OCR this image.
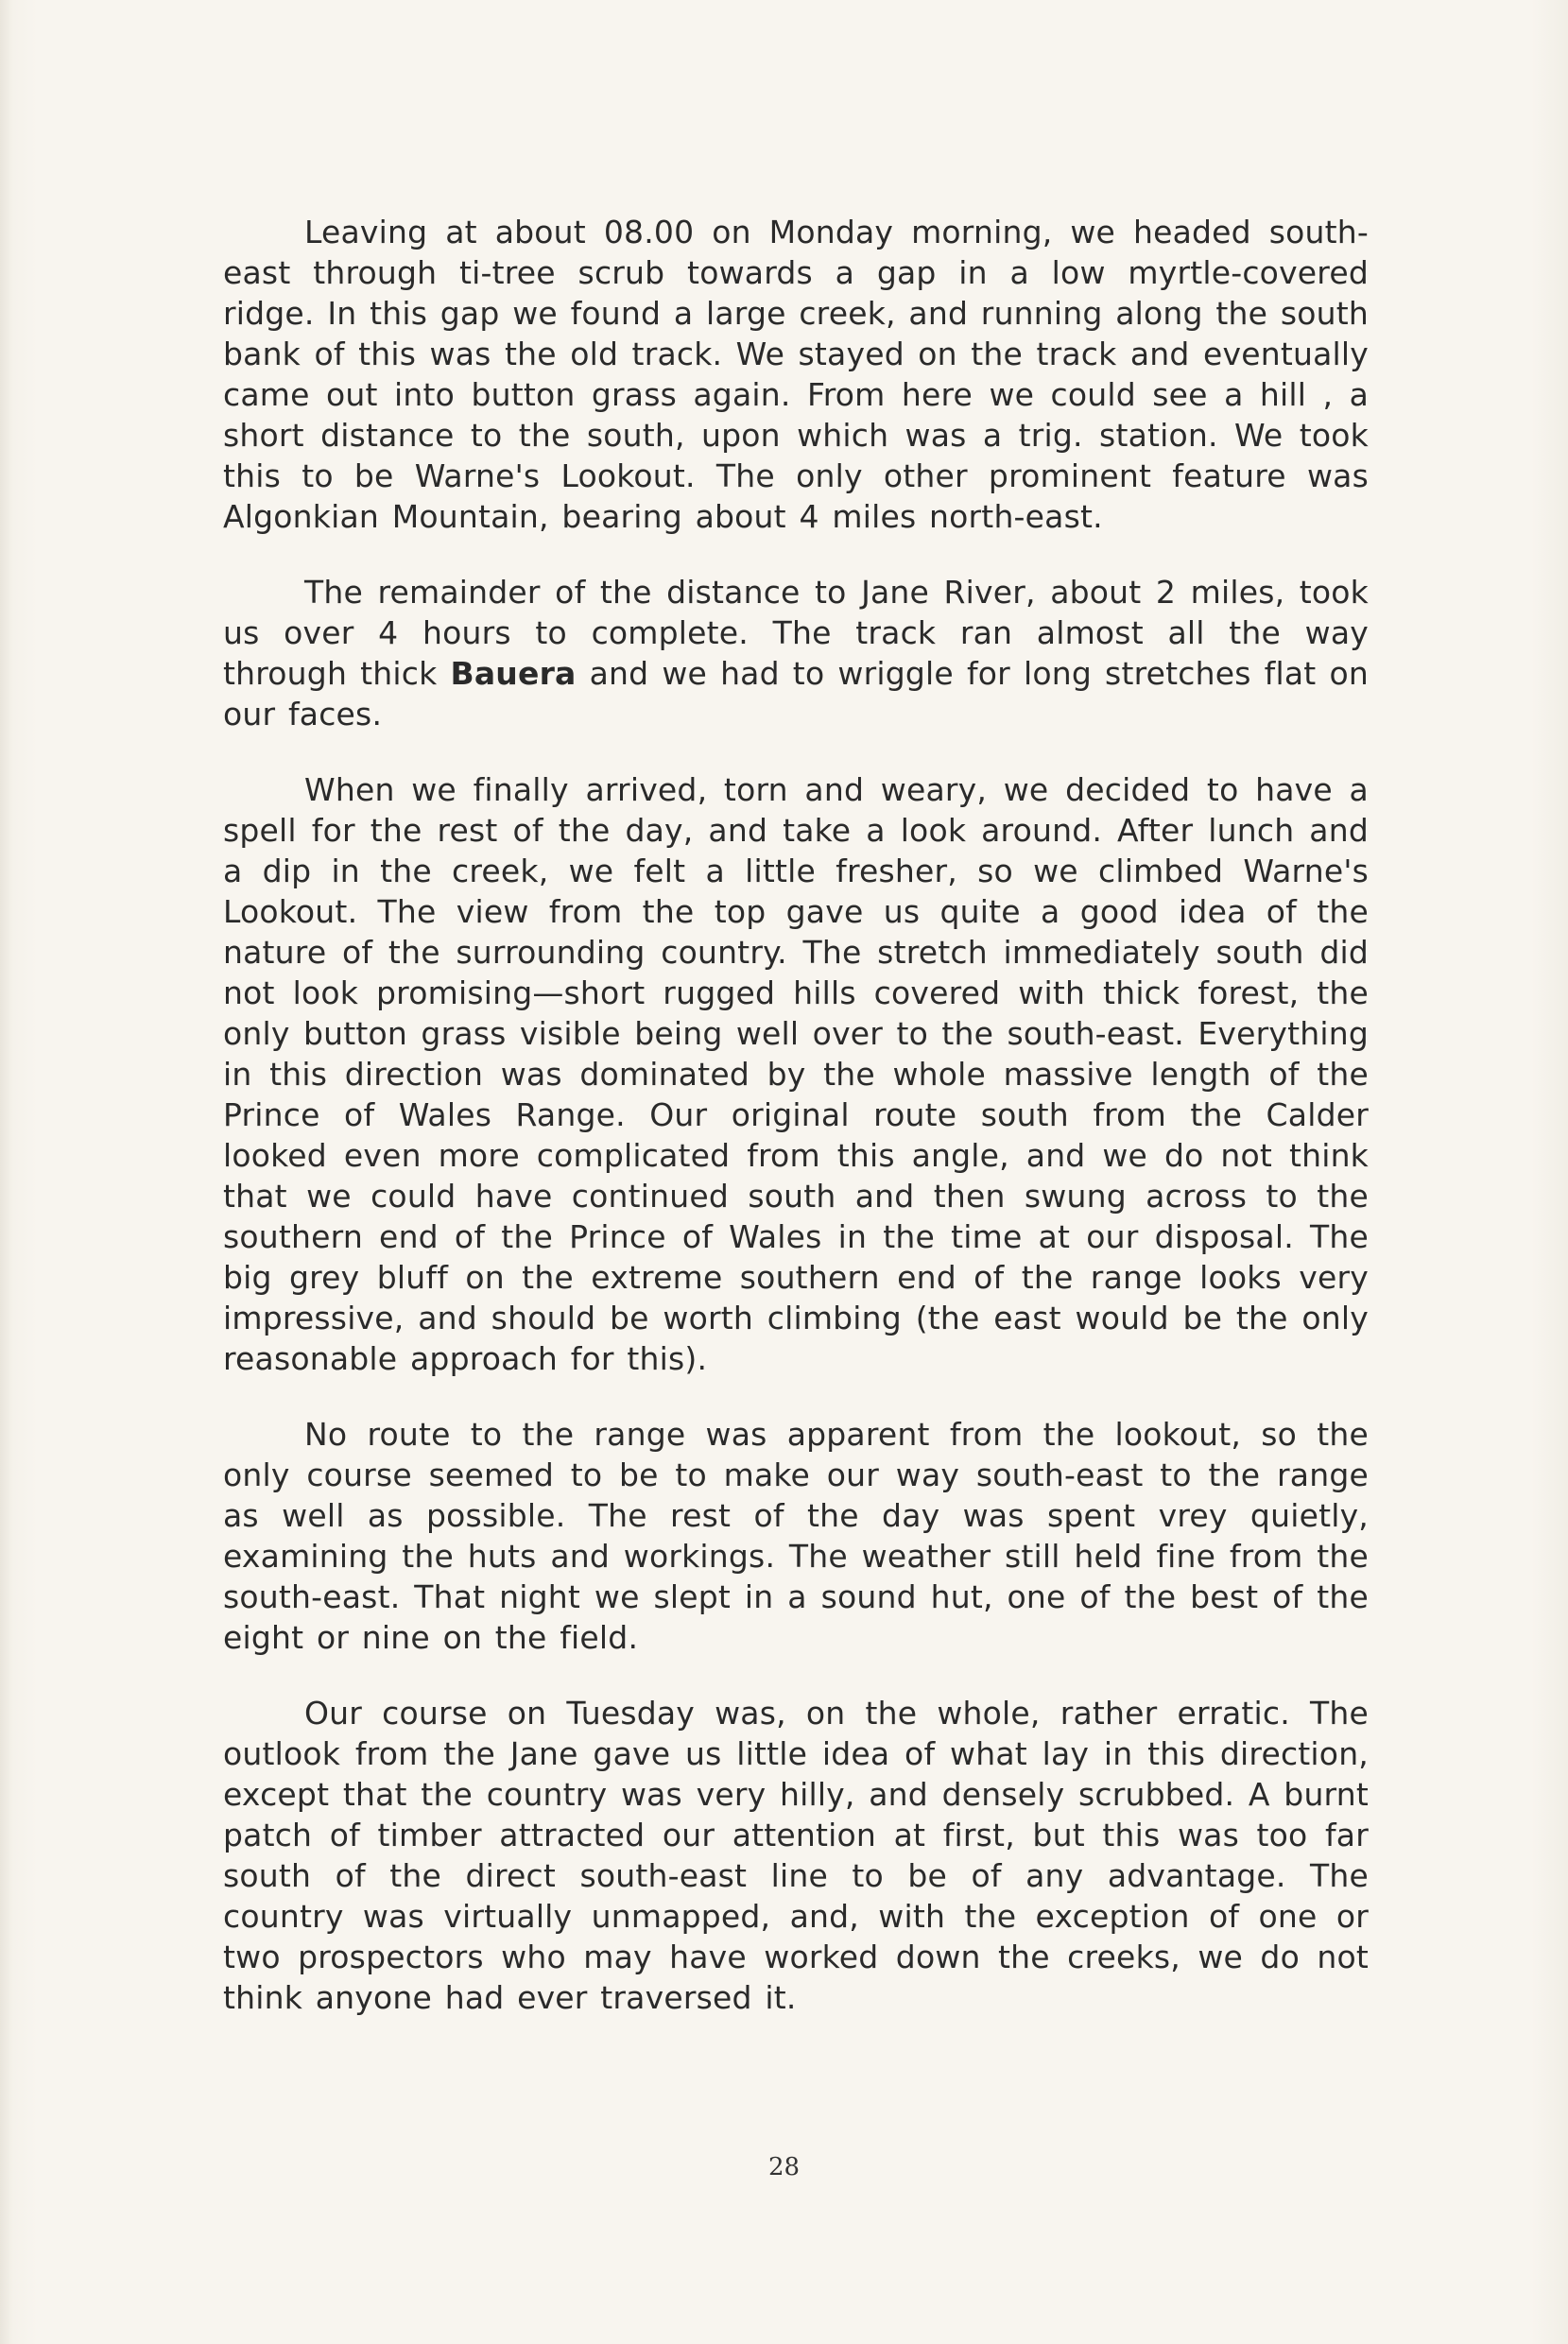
Leaving at about 08.00 on Monday morning, we headed south-east through ti-tree scrub towards a gap in a low myrtle-covered ridge. In this gap we found a large creek, and running along the south bank of this was the old track. We stayed on the track and eventually came out into button grass again. From here we could see a hill , a short distance to the south, upon which was a trig. station. We took this to be Warne's Lookout. The only other prominent feature was Algonkian Mountain, bearing about 4 miles north-east.

The remainder of the distance to Jane River, about 2 miles, took us over 4 hours to complete. The track ran almost all the way through thick Bauera and we had to wriggle for long stretches flat on our faces.

When we finally arrived, torn and weary, we decided to have a spell for the rest of the day, and take a look around. After lunch and a dip in the creek, we felt a little fresher, so we climbed Warne's Lookout. The view from the top gave us quite a good idea of the nature of the surrounding country. The stretch immediately south did not look promising—short rugged hills covered with thick forest, the only button grass visible being well over to the south-east. Everything in this direction was dominated by the whole massive length of the Prince of Wales Range. Our original route south from the Calder looked even more complicated from this angle, and we do not think that we could have continued south and then swung across to the southern end of the Prince of Wales in the time at our disposal. The big grey bluff on the extreme southern end of the range looks very impressive, and should be worth climbing (the east would be the only reasonable approach for this).

No route to the range was apparent from the lookout, so the only course seemed to be to make our way south-east to the range as well as possible. The rest of the day was spent vrey quietly, examining the huts and workings. The weather still held fine from the south-east. That night we slept in a sound hut, one of the best of the eight or nine on the field.

Our course on Tuesday was, on the whole, rather erratic. The outlook from the Jane gave us little idea of what lay in this direction, except that the country was very hilly, and densely scrubbed. A burnt patch of timber attracted our attention at first, but this was too far south of the direct south-east line to be of any advantage. The country was virtually unmapped, and, with the exception of one or two prospectors who may have worked down the creeks, we do not think anyone had ever traversed it.

28
